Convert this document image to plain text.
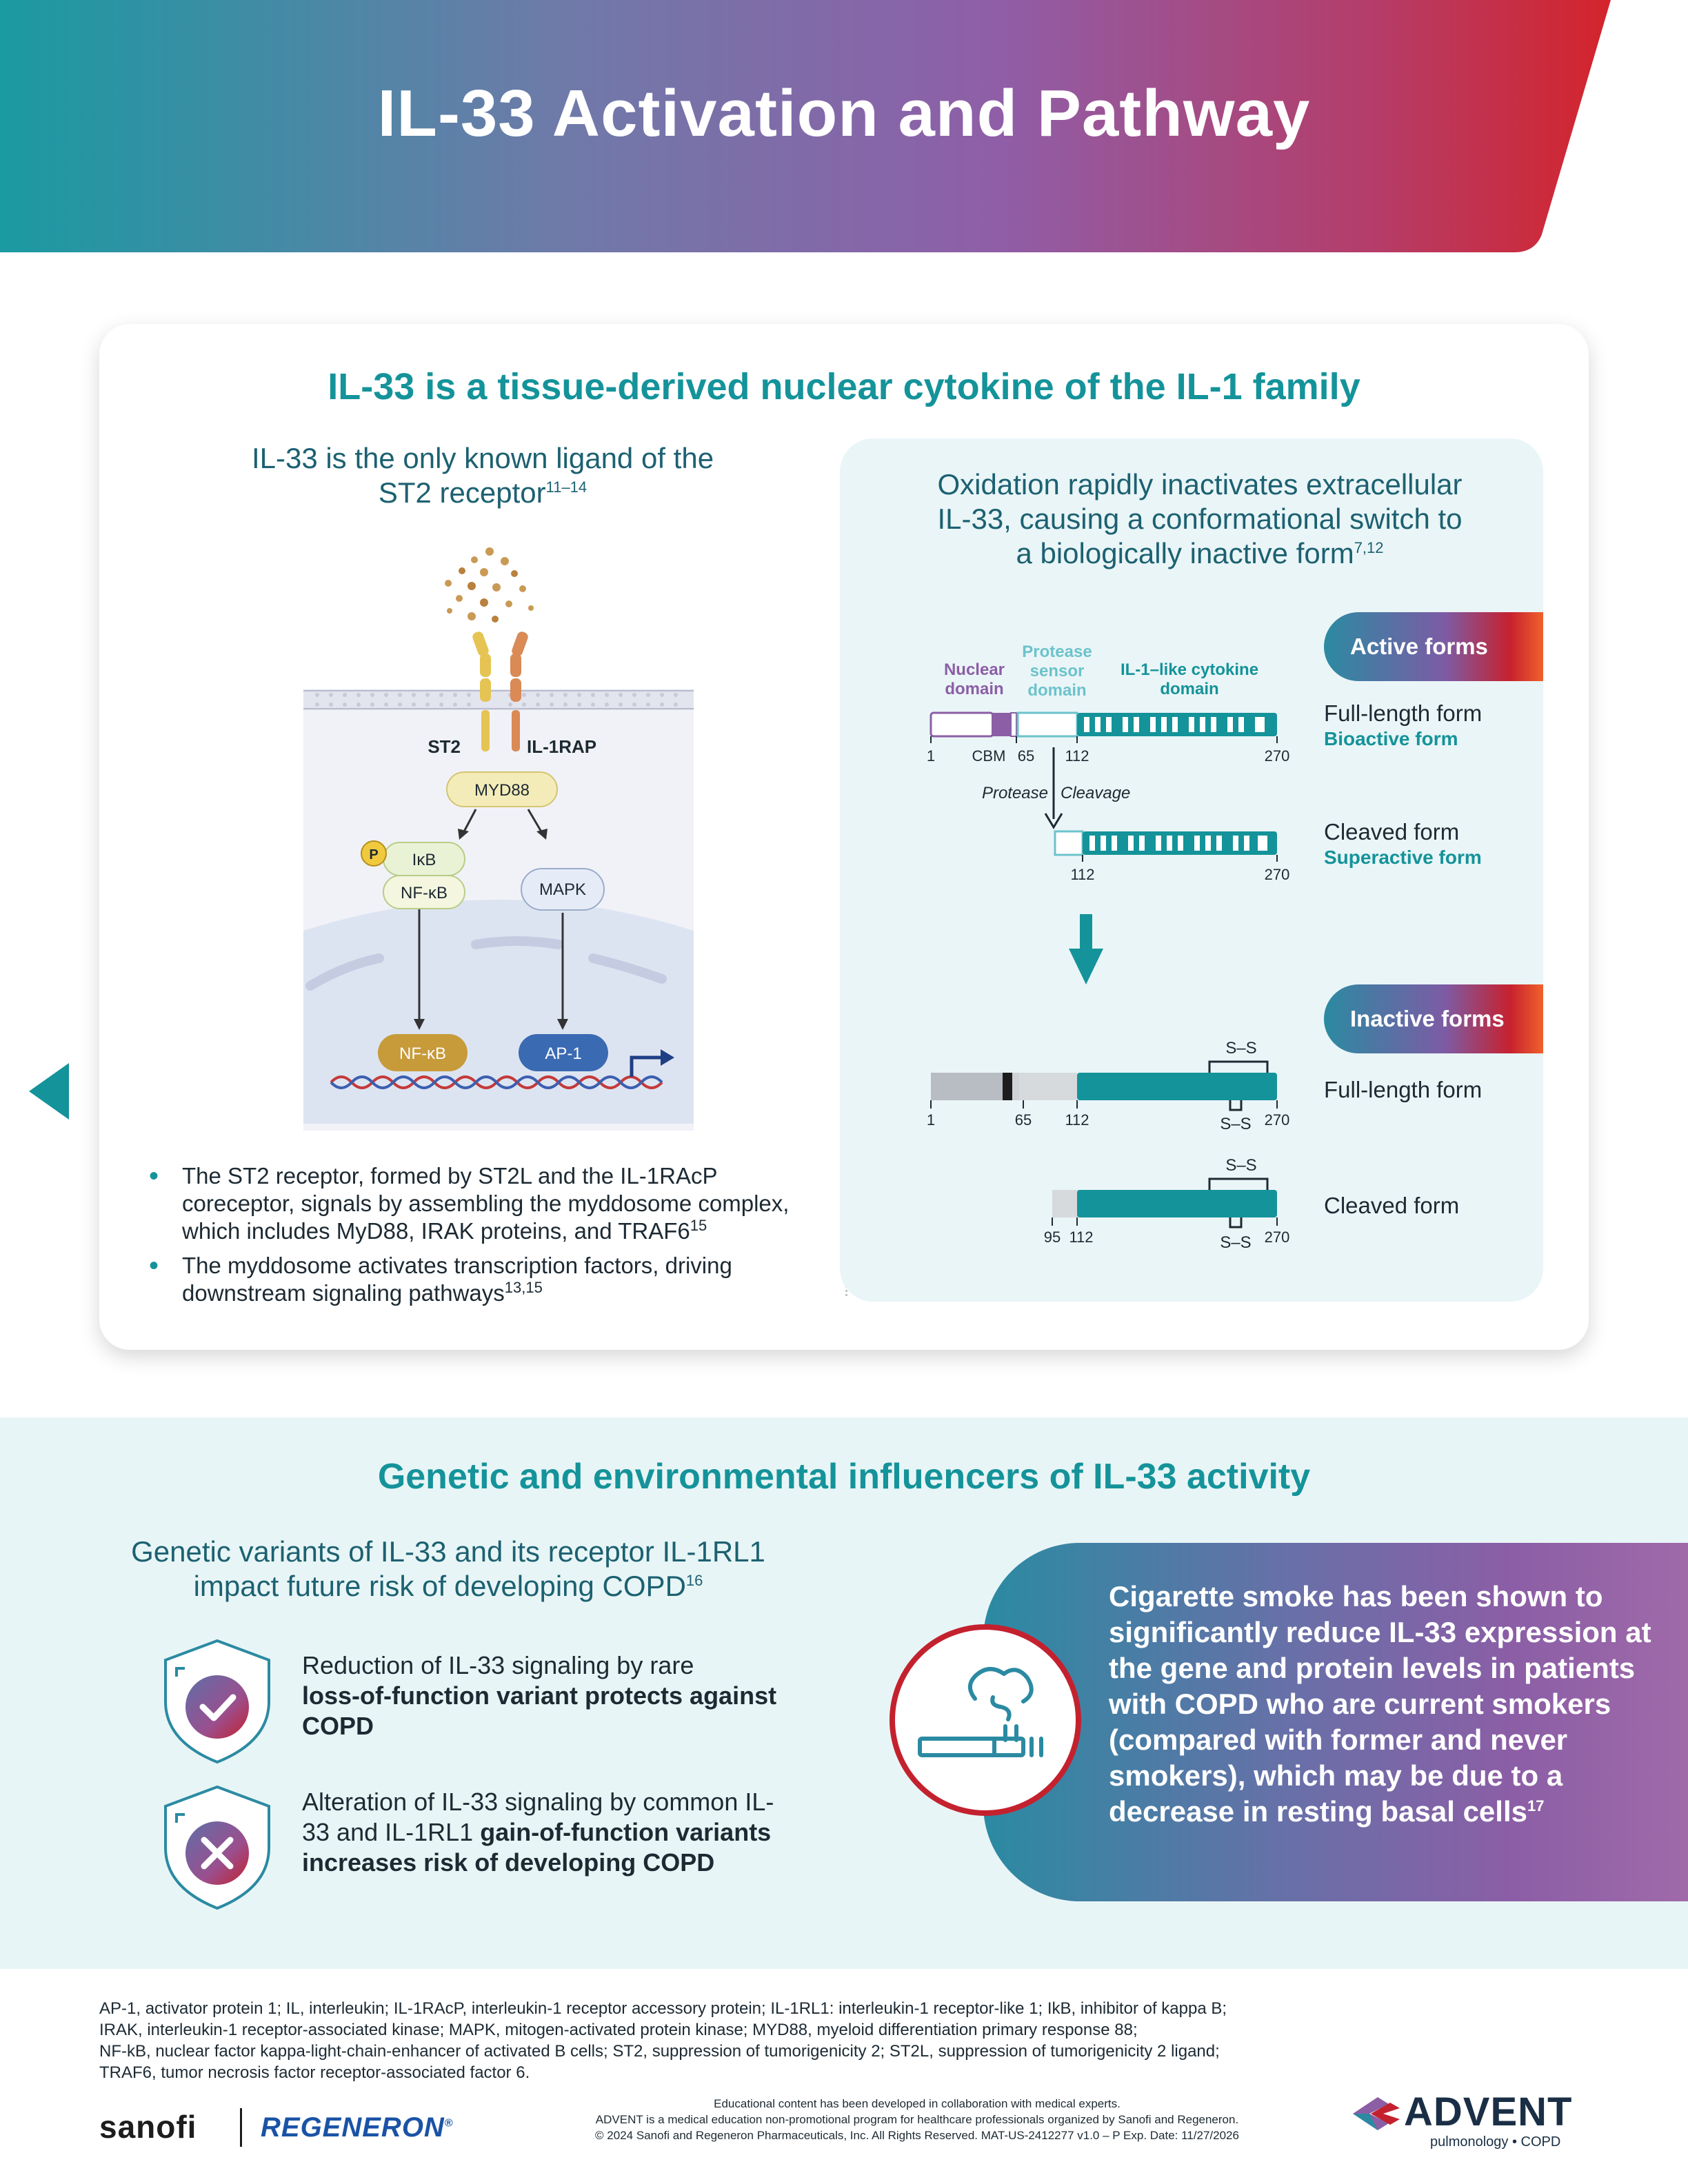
IL-33 Activation and Pathway
IL-33 is a tissue-derived nuclear cytokine of the IL-1 family
IL-33 is the only known ligand of the
ST2 receptor$^{11-14}$
ST2	IL-1RAP
MYD88
IκB
NF-κB
P
MAPK
NF-κB	AP-1
• The ST2 receptor, formed by ST2L and the IL-1RAcP coreceptor, signals by assembling the myddosome complex, which includes MyD88, IRAK proteins, and $TRAF6^{15}$
• The myddosome activates transcription factors, driving downstream signaling pathways$^{13,15}$
Oxidation rapidly inactivates extracellular
IL-33, causing a conformational switch to
a biologically inactive form$^{7,12}$
Active forms
Inactive forms
Nuclear domain
Protease sensor domain
IL-1–like cytokine domain
1 CBM 65 112	270
Protease Cleavage
112	270
S–S
1	65 112	S–S 270
S–S
95 112	S–S 270
Full-length form
Bioactive form
Cleaved form
Superactive form
Full-length form
Cleaved form
Genetic and environmental influencers of IL-33 activity
Genetic variants of IL-33 and its receptor IL-1RL1
impact future risk of developing COPD$^{16}$
Reduction of IL-33 signaling by rare
loss-of-function variant protects against COPD
Alteration of IL-33 signaling by common IL-33 and IL-1RL1 gain-of-function variants increases risk of developing COPD
Cigarette smoke has been shown to significantly reduce IL-33 expression at the gene and protein levels in patients with COPD who are current smokers (compared with former and never smokers), which may be due to a decrease in resting basal cells$^{17}$
AP-1, activator protein 1; IL, interleukin; IL-1RAcP, interleukin-1 receptor accessory protein; IL-1RL1: interleukin-1 receptor-like 1; IkB, inhibitor of kappa B;
IRAK, interleukin-1 receptor-associated kinase; MAPK, mitogen-activated protein kinase; MYD88, myeloid differentiation primary response 88;
NF-kB, nuclear factor kappa-light-chain-enhancer of activated B cells; ST2, suppression of tumorigenicity 2; ST2L, suppression of tumorigenicity 2 ligand;
TRAF6, tumor necrosis factor receptor-associated factor 6.
Educational content has been developed in collaboration with medical experts.
ADVENT is a medical education non-promotional program for healthcare professionals organized by Sanofi and Regeneron.
© 2024 Sanofi and Regeneron Pharmaceuticals, Inc. All Rights Reserved. MAT-US-2412277 v1.0 – P Exp. Date: 11/27/2026
sanofi REGENERON®	ADVENT
pulmonology • COPD
